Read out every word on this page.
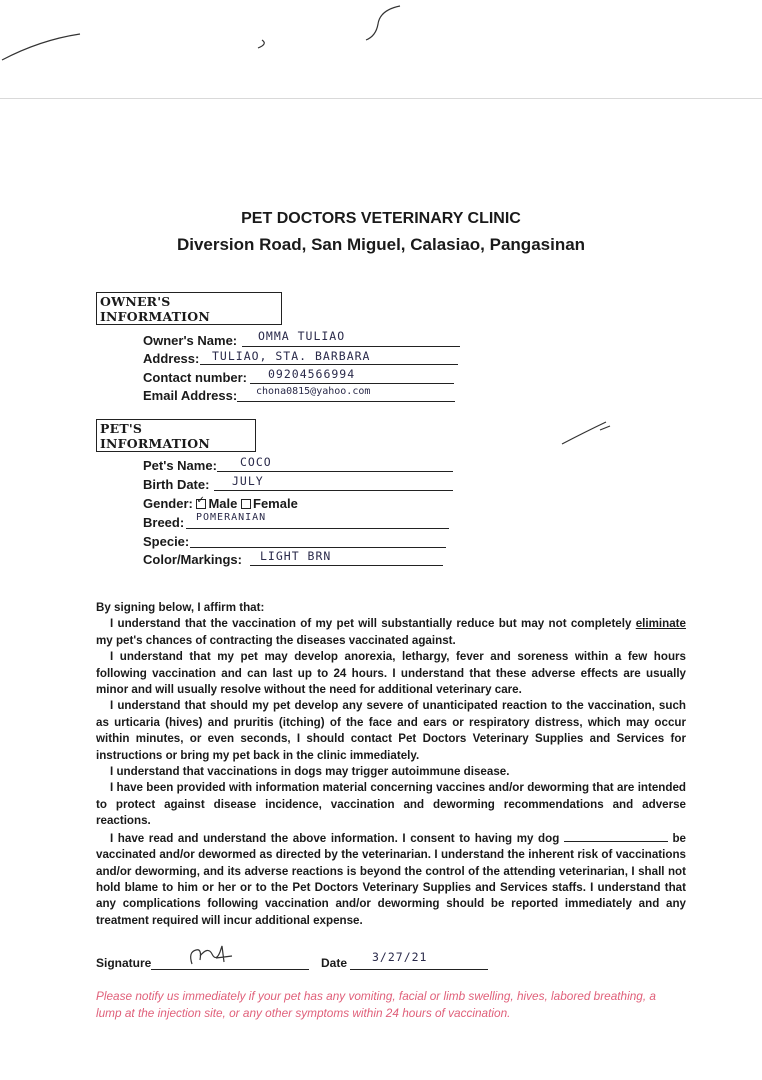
PET DOCTORS VETERINARY CLINIC
Diversion Road, San Miguel, Calasiao, Pangasinan
OWNER'S INFORMATION
Owner's Name: OMMA TULIAO
Address: TULIAO, STA. BARBARA
Contact number: 09204566994
Email Address: chona0815@yahoo.com
PET'S INFORMATION
Pet's Name: COCO
Birth Date: JULY
Gender: ✓ Male Female
Breed: POMERANIAN
Specie:
Color/Markings: LIGHT BRN

By signing below, I affirm that:

I understand that the vaccination of my pet will substantially reduce but may not completely eliminate my pet's chances of contracting the diseases vaccinated against.

I understand that my pet may develop anorexia, lethargy, fever and soreness within a few hours following vaccination and can last up to 24 hours. I understand that these adverse effects are usually minor and will usually resolve without the need for additional veterinary care.

I understand that should my pet develop any severe of unanticipated reaction to the vaccination, such as urticaria (hives) and pruritis (itching) of the face and ears or respiratory distress, which may occur within minutes, or even seconds, I should contact Pet Doctors Veterinary Supplies and Services for instructions or bring my pet back in the clinic immediately.

I understand that vaccinations in dogs may trigger autoimmune disease.

I have been provided with information material concerning vaccines and/or deworming that are intended to protect against disease incidence, vaccination and deworming recommendations and adverse reactions.

I have read and understand the above information. I consent to having my dog	be vaccinated and/or dewormed as directed by the veterinarian. I understand the inherent risk of vaccinations and/or deworming, and its adverse reactions is beyond the control of the attending veterinarian, I shall not hold blame to him or her or to the Pet Doctors Veterinary Supplies and Services staffs. I understand that any complications following vaccination and/or deworming should be reported immediately and any treatment required will incur additional expense.

Signature	Date 3/27/21
Please notify us immediately if your pet has any vomiting, facial or limb swelling, hives, labored breathing, a lump at the injection site, or any other symptoms within 24 hours of vaccination.
